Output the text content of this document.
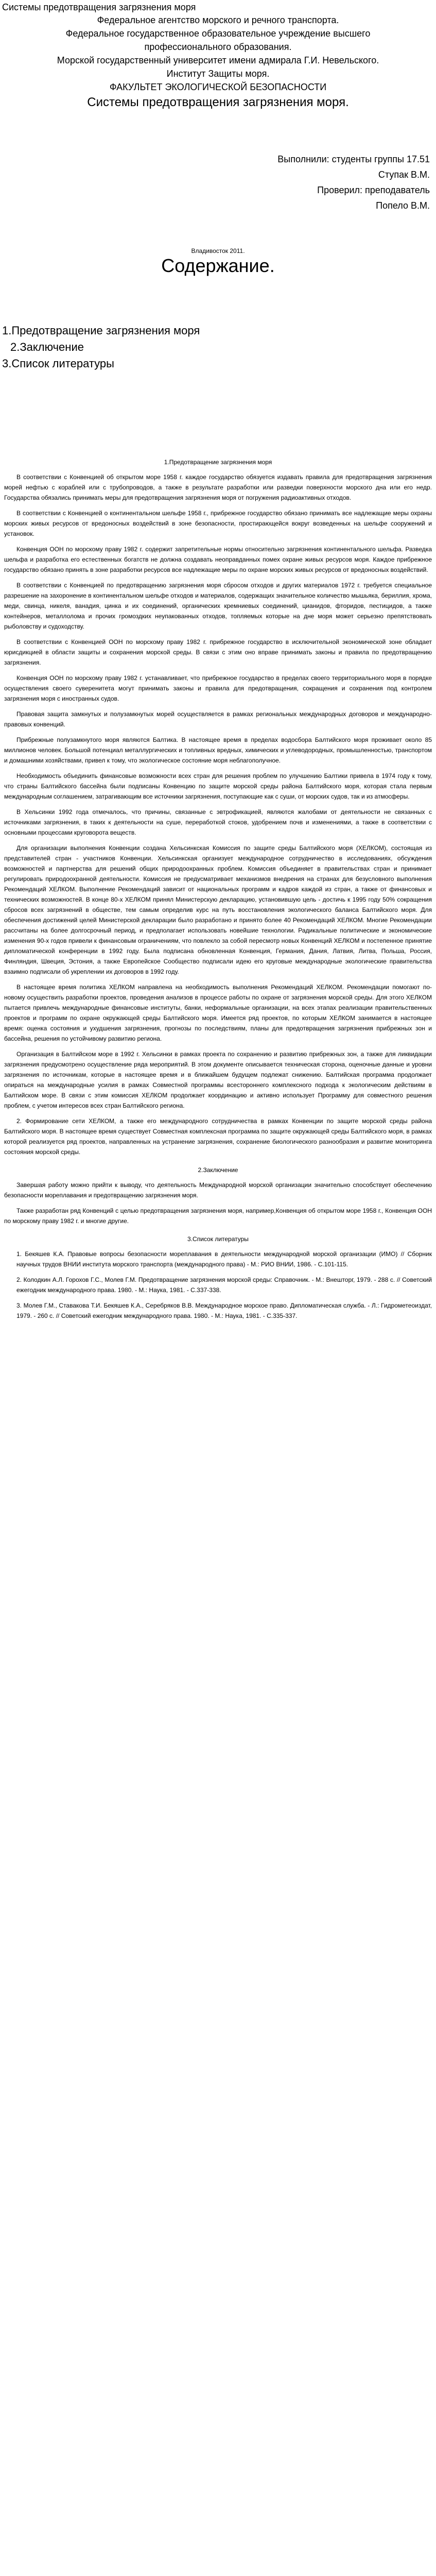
Системы предотвращения загрязнения моря

Федеральное агентство морского и речного транспорта.

Федеральное государственное образовательное учреждение высшего

профессионального образования.

Морской государственный университет имени адмирала Г.И. Невельского.

Институт Защиты моря.

ФАКУЛЬТЕТ ЭКОЛОГИЧЕСКОЙ БЕЗОПАСНОСТИ

Системы предотвращения загрязнения моря.

Выполнили: студенты группы 17.51

Ступак В.М.

Проверил: преподаватель

Попело В.М.

Владивосток 2011.

Содержание.

1.Предотвращение загрязнения моря

2.Заключение

3.Список литературы

1.Предотвращение загрязнения моря

В соответствии с Конвенцией об открытом море 1958 г. каждое государство обязуется издавать правила для предотвращения загрязнения морей нефтью с кораблей или с трубопроводов, а также в результате разработки или разведки поверхности морского дна или его недр. Государства обязались принимать меры для предотвращения загрязнения моря от погружения радиоактивных отходов.

В соответствии с Конвенцией о континентальном шельфе 1958 г., прибрежное государство обязано принимать все надлежащие меры охраны морских живых ресурсов от вредоносных воздействий в зоне безопасности, простирающейся вокруг возведенных на шельфе сооружений и установок.

Конвенция ООН по морскому праву 1982 г. содержит запретительные нормы относительно загрязнения континентального шельфа. Разведка шельфа и разработка его естественных богатств не должна создавать неоправданных помех охране живых ресурсов моря. Каждое прибрежное государство обязано принять в зоне разработки ресурсов все надлежащие меры по охране морских живых ресурсов от вредоносных воздействий.

В соответствии с Конвенцией по предотвращению загрязнения моря сбросом отходов и других материалов 1972 г. требуется специальное разрешение на захоронение в континентальном шельфе отходов и материалов, содержащих значительное количество мышьяка, бериллия, хрома, меди, свинца, никеля, ванадия, цинка и их соединений, органических кремниевых соединений, цианидов, фторидов, пестицидов, а также контейнеров, металлолома и прочих громоздких неупакованных отходов, топляемых которые на дне моря может серьезно препятствовать рыболовству и судоходству.

В соответствии с Конвенцией ООН по морскому праву 1982 г. прибрежное государство в исключительной экономической зоне обладает юрисдикцией в области защиты и сохранения морской среды. В связи с этим оно вправе принимать законы и правила по предотвращению загрязнения.

Конвенция ООН по морскому праву 1982 г. устанавливает, что прибрежное государство в пределах своего территориального моря в порядке осуществления своего суверенитета могут принимать законы и правила для предотвращения, сокращения и сохранения под контролем загрязнения моря с иностранных судов.

Правовая защита замкнутых и полузамкнутых морей осуществляется в рамках региональных международных договоров и международно-правовых конвенций.

Прибрежные полузамкнутого моря являются Балтика. В настоящее время в пределах водосбора Балтийского моря проживает около 85 миллионов человек. Большой потенциал металлургических и топливных вредных, химических и углеводородных, промышленностью, транспортом и домашними хозяйствами, привел к тому, что экологическое состояние моря неблагополучное.

Необходимость объединить финансовые возможности всех стран для решения проблем по улучшению Балтики привела в 1974 году к тому, что страны Балтийского бассейна были подписаны Конвенцию по защите морской среды района Балтийского моря, которая стала первым международным соглашением, затрагивающим все источники загрязнения, поступающие как с суши, от морских судов, так и из атмосферы.

В Хельсинки 1992 года отмечалось, что причины, связанные с эвтрофикацией, являются жалобами от деятельности не связанных с источниками загрязнения, в таких к деятельности на суше, переработкой стоков, удобрением почв и изменениями, а также в соответствии с основными процессами круговорота веществ.

Для организации выполнения Конвенции создана Хельсинкская Комиссия по защите среды Балтийского моря (ХЕЛКОМ), состоящая из представителей стран - участников Конвенции. Хельсинкская организует международное сотрудничество в исследованиях, обсуждения возможностей и партнерства для решений общих природоохранных проблем. Комиссия объединяет в правительствах стран и принимает регулировать природоохранной деятельности. Комиссия не предусматривает механизмов внедрения на странах для безусловного выполнения Рекомендаций ХЕЛКОМ. Выполнение Рекомендаций зависит от национальных программ и кадров каждой из стран, а также от финансовых и технических возможностей. В конце 80-х ХЕЛКОМ принял Министерскую декларацию, установившую цель - достичь к 1995 году 50% сокращения сбросов всех загрязнений в обществе, тем самым определив курс на путь восстановления экологического баланса Балтийского моря. Для обеспечения достижений целей Министерской декларации было разработано и принято более 40 Рекомендаций ХЕЛКОМ. Многие Рекомендации рассчитаны на более долгосрочный период, и предполагает использовать новейшие технологии. Радикальные политические и экономические изменения 90-х годов привели к финансовым ограничениям, что повлекло за собой пересмотр новых Конвенций ХЕЛКОМ и постепенное принятие дипломатической конференции в 1992 году. Была подписана обновленная Конвенция, Германия, Дания, Латвия, Литва, Польша, Россия, Финляндия, Швеция, Эстония, а также Европейское Сообщество подписали идею его круговые международные экологические правительства взаимно подписали об укреплении их договоров в 1992 году.

В настоящее время политика ХЕЛКОМ направлена на необходимость выполнения Рекомендаций ХЕЛКОМ. Рекомендации помогают по-новому осуществить разработки проектов, проведения анализов в процессе работы по охране от загрязнения морской среды. Для этого ХЕЛКОМ пытается привлечь международные финансовые институты, банки, неформальные организации, на всех этапах реализации правительственных проектов и программ по охране окружающей среды Балтийского моря. Имеется ряд проектов, по которым ХЕЛКОМ занимается в настоящее время: оценка состояния и ухудшения загрязнения, прогнозы по последствиям, планы для предотвращения загрязнения прибрежных зон и бассейна, решения по устойчивому развитию региона.

Организация в Балтийском море в 1992 г. Хельсинки в рамках проекта по сохранению и развитию прибрежных зон, а также для ликвидации загрязнения предусмотрено осуществление ряда мероприятий. В этом документе описывается техническая сторона, оценочные данные и уровни загрязнения по источникам, которые в настоящее время и в ближайшем будущем подлежат снижению. Балтийская программа продолжает опираться на международные усилия в рамках Совместной программы всестороннего комплексного подхода к экологическим действиям в Балтийском море. В связи с этим комиссия ХЕЛКОМ продолжает координацию и активно использует Программу для совместного решения проблем, с учетом интересов всех стран Балтийского региона.

2. Формирование сети ХЕЛКОМ, а также его международного сотрудничества в рамках Конвенции по защите морской среды района Балтийского моря. В настоящее время существует Совместная комплексная программа по защите окружающей среды Балтийского моря, в рамках которой реализуется ряд проектов, направленных на устранение загрязнения, сохранение биологического разнообразия и развитие мониторинга состояния морской среды.

2.Заключение

Завершая работу можно прийти к выводу, что деятельность Международной морской организации значительно способствует обеспечению безопасности мореплавания и предотвращению загрязнения моря.

Также разработан ряд Конвенций с целью предотвращения загрязнения моря, например,Конвенция об открытом море 1958 г., Конвенция ООН по морскому праву 1982 г. и многие другие.

3.Список литературы

1. Бекяшев К.А. Правовые вопросы безопасности мореплавания в деятельности международной морской организации (ИМО) // Сборник научных трудов ВНИИ института морского транспорта (международного права) - М.: РИО ВНИИ, 1986. - С.101-115.

2. Колодкин А.Л. Горохов Г.С., Молев Г.М. Предотвращение загрязнения морской среды: Справочник. - М.: Внешторг, 1979. - 288 с. // Советский ежегодник международного права. 1980. - М.: Наука, 1981. - С.337-338.

3. Молев Г.М., Ставакова Т.И. Бекяшев К.А., Серебряков В.В. Международное морское право. Дипломатическая служба. - Л.: Гидрометеоиздат, 1979. - 260 с. // Советский ежегодник международного права. 1980. - М.: Наука, 1981. - С.335-337.
